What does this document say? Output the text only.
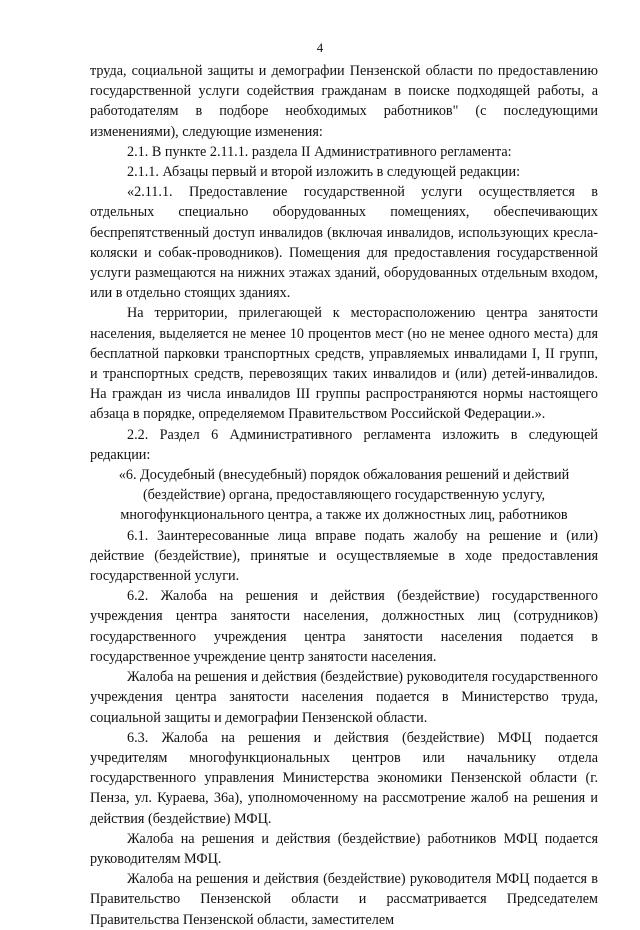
4

труда, социальной защиты и демографии Пензенской области по предоставлению государственной услуги содействия гражданам в поиске подходящей работы, а работодателям в подборе необходимых работников" (с последующими изменениями), следующие изменения:

2.1. В пункте 2.11.1. раздела II Административного регламента:

2.1.1. Абзацы первый и второй изложить в следующей редакции:

«2.11.1. Предоставление государственной услуги осуществляется в отдельных специально оборудованных помещениях, обеспечивающих беспрепятственный доступ инвалидов (включая инвалидов, использующих кресла-коляски и собак-проводников). Помещения для предоставления государственной услуги размещаются на нижних этажах зданий, оборудованных отдельным входом, или в отдельно стоящих зданиях.

На территории, прилегающей к месторасположению центра занятости населения, выделяется не менее 10 процентов мест (но не менее одного места) для бесплатной парковки транспортных средств, управляемых инвалидами I, II групп, и транспортных средств, перевозящих таких инвалидов и (или) детей-инвалидов. На граждан из числа инвалидов III группы распространяются нормы настоящего абзаца в порядке, определяемом Правительством Российской Федерации.».

2.2. Раздел 6 Административного регламента изложить в следующей редакции:

«6. Досудебный (внесудебный) порядок обжалования решений и действий (бездействие) органа, предоставляющего государственную услугу, многофункционального центра, а также их должностных лиц, работников

6.1. Заинтересованные лица вправе подать жалобу на решение и (или) действие (бездействие), принятые и осуществляемые в ходе предоставления государственной услуги.

6.2. Жалоба на решения и действия (бездействие) государственного учреждения центра занятости населения, должностных лиц (сотрудников) государственного учреждения центра занятости населения подается в государственное учреждение центр занятости населения.

Жалоба на решения и действия (бездействие) руководителя государственного учреждения центра занятости населения подается в Министерство труда, социальной защиты и демографии Пензенской области.

6.3. Жалоба на решения и действия (бездействие) МФЦ подается учредителям многофункциональных центров или начальнику отдела государственного управления Министерства экономики Пензенской области (г. Пенза, ул. Кураева, 36а), уполномоченному на рассмотрение жалоб на решения и действия (бездействие) МФЦ.

Жалоба на решения и действия (бездействие) работников МФЦ подается руководителям МФЦ.

Жалоба на решения и действия (бездействие) руководителя МФЦ подается в Правительство Пензенской области и рассматривается Председателем Правительства Пензенской области, заместителем
